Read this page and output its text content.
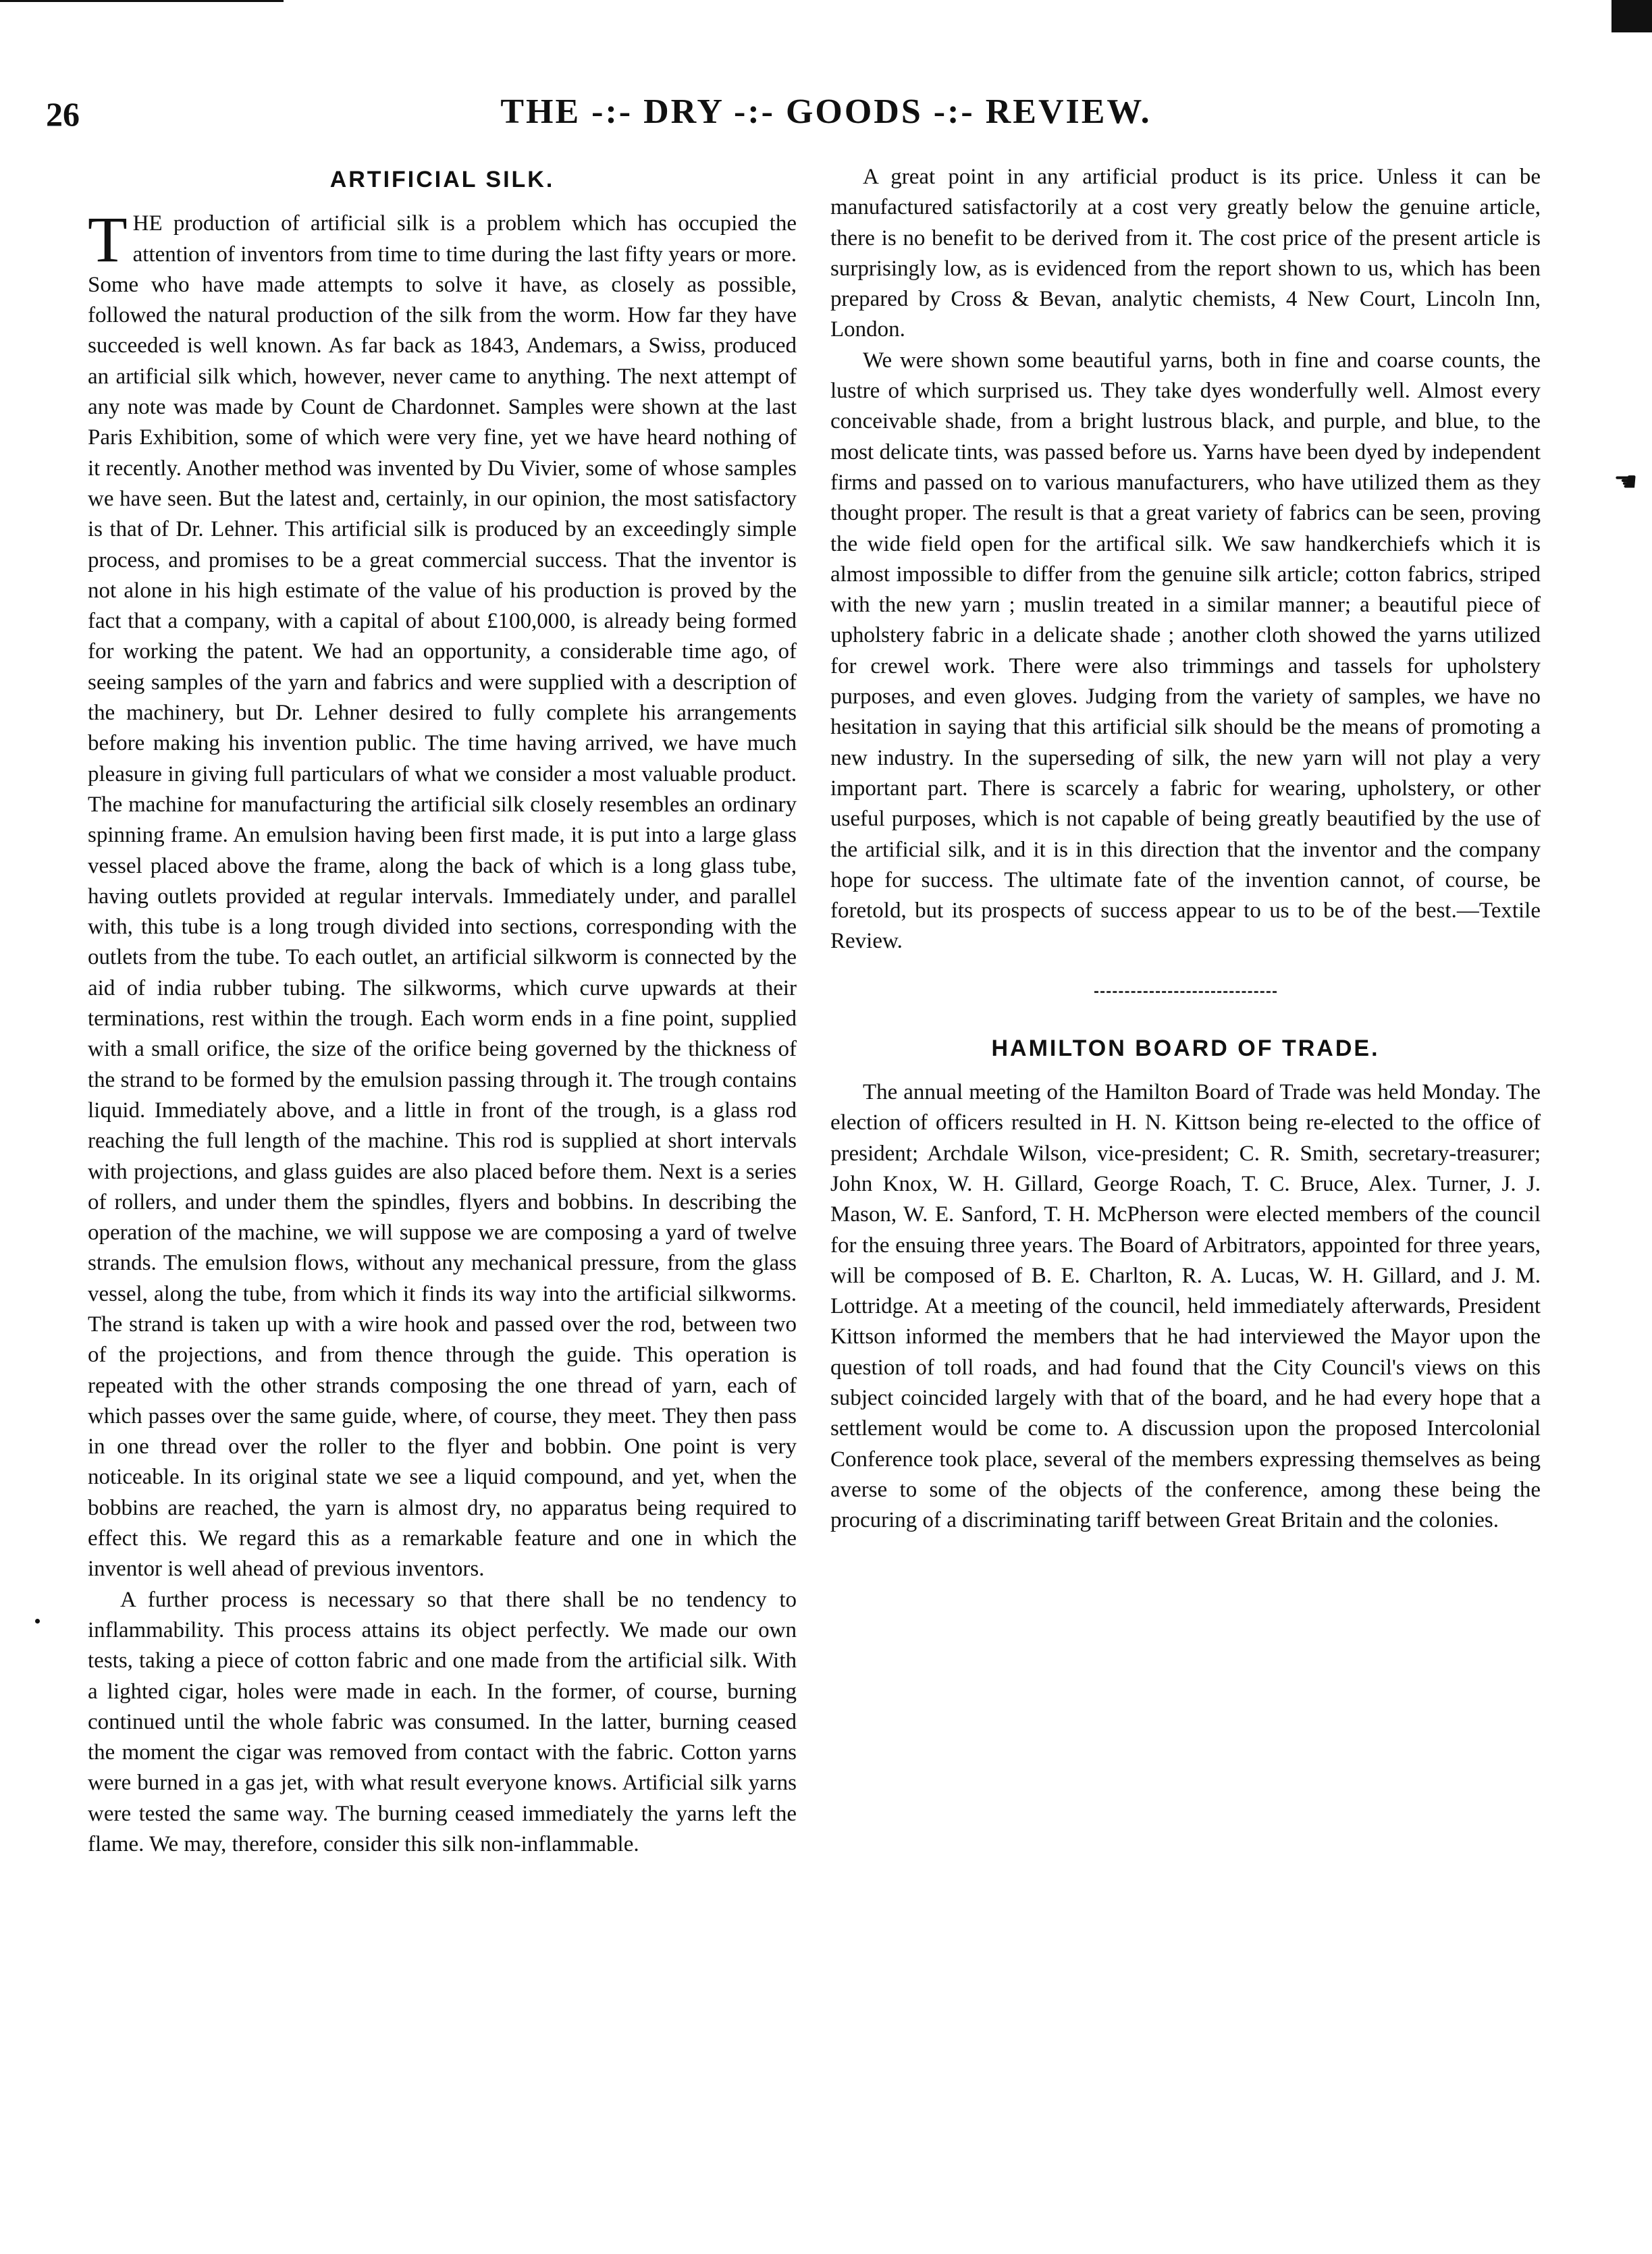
26	THE -:- DRY -:- GOODS -:- REVIEW.
ARTIFICIAL SILK.

THE production of artificial silk is a problem which has occupied the attention of inventors from time to time during the last fifty years or more. Some who have made attempts to solve it have, as closely as possible, followed the natural production of the silk from the worm. How far they have succeeded is well known. As far back as 1843, Andemars, a Swiss, produced an artificial silk which, however, never came to anything. The next attempt of any note was made by Count de Chardonnet. Samples were shown at the last Paris Exhibition, some of which were very fine, yet we have heard nothing of it recently. Another method was invented by Du Vivier, some of whose samples we have seen. But the latest and, certainly, in our opinion, the most satisfactory is that of Dr. Lehner. This artificial silk is produced by an exceedingly simple process, and promises to be a great commercial success. That the inventor is not alone in his high estimate of the value of his production is proved by the fact that a company, with a capital of about £100,000, is already being formed for working the patent. We had an opportunity, a considerable time ago, of seeing samples of the yarn and fabrics and were supplied with a description of the machinery, but Dr. Lehner desired to fully complete his arrangements before making his invention public. The time having arrived, we have much pleasure in giving full particulars of what we consider a most valuable product. The machine for manufacturing the artificial silk closely resembles an ordinary spinning frame. An emulsion having been first made, it is put into a large glass vessel placed above the frame, along the back of which is a long glass tube, having outlets provided at regular intervals. Immediately under, and parallel with, this tube is a long trough divided into sections, corresponding with the outlets from the tube. To each outlet, an artificial silkworm is connected by the aid of india rubber tubing. The silkworms, which curve upwards at their terminations, rest within the trough. Each worm ends in a fine point, supplied with a small orifice, the size of the orifice being governed by the thickness of the strand to be formed by the emulsion passing through it. The trough contains liquid. Immediately above, and a little in front of the trough, is a glass rod reaching the full length of the machine. This rod is supplied at short intervals with projections, and glass guides are also placed before them. Next is a series of rollers, and under them the spindles, flyers and bobbins. In describing the operation of the machine, we will suppose we are composing a yard of twelve strands. The emulsion flows, without any mechanical pressure, from the glass vessel, along the tube, from which it finds its way into the artificial silkworms. The strand is taken up with a wire hook and passed over the rod, between two of the projections, and from thence through the guide. This operation is repeated with the other strands composing the one thread of yarn, each of which passes over the same guide, where, of course, they meet. They then pass in one thread over the roller to the flyer and bobbin. One point is very noticeable. In its original state we see a liquid compound, and yet, when the bobbins are reached, the yarn is almost dry, no apparatus being required to effect this. We regard this as a remarkable feature and one in which the inventor is well ahead of previous inventors.

A further process is necessary so that there shall be no tendency to inflammability. This process attains its object perfectly. We made our own tests, taking a piece of cotton fabric and one made from the artificial silk. With a lighted cigar, holes were made in each. In the former, of course, burning continued until the whole fabric was consumed. In the latter, burning ceased the moment the cigar was removed from contact with the fabric. Cotton yarns were burned in a gas jet, with what result everyone knows. Artificial silk yarns were tested the same way. The burning ceased immediately the yarns left the flame. We may, therefore, consider this silk non-inflammable.

A great point in any artificial product is its price. Unless it can be manufactured satisfactorily at a cost very greatly below the genuine article, there is no benefit to be derived from it. The cost price of the present article is surprisingly low, as is evidenced from the report shown to us, which has been prepared by Cross & Bevan, analytic chemists, 4 New Court, Lincoln Inn, London.

We were shown some beautiful yarns, both in fine and coarse counts, the lustre of which surprised us. They take dyes wonderfully well. Almost every conceivable shade, from a bright lustrous black, and purple, and blue, to the most delicate tints, was passed before us. Yarns have been dyed by independent firms and passed on to various manufacturers, who have utilized them as they thought proper. The result is that a great variety of fabrics can be seen, proving the wide field open for the artifical silk. We saw handkerchiefs which it is almost impossible to differ from the genuine silk article; cotton fabrics, striped with the new yarn ; muslin treated in a similar manner; a beautiful piece of upholstery fabric in a delicate shade ; another cloth showed the yarns utilized for crewel work. There were also trimmings and tassels for upholstery purposes, and even gloves. Judging from the variety of samples, we have no hesitation in saying that this artificial silk should be the means of promoting a new industry. In the superseding of silk, the new yarn will not play a very important part. There is scarcely a fabric for wearing, upholstery, or other useful purposes, which is not capable of being greatly beautified by the use of the artificial silk, and it is in this direction that the inventor and the company hope for success. The ultimate fate of the invention cannot, of course, be foretold, but its prospects of success appear to us to be of the best.—Textile Review.

HAMILTON BOARD OF TRADE.

The annual meeting of the Hamilton Board of Trade was held Monday. The election of officers resulted in H. N. Kittson being re-elected to the office of president; Archdale Wilson, vice-president; C. R. Smith, secretary-treasurer; John Knox, W. H. Gillard, George Roach, T. C. Bruce, Alex. Turner, J. J. Mason, W. E. Sanford, T. H. McPherson were elected members of the council for the ensuing three years. The Board of Arbitrators, appointed for three years, will be composed of B. E. Charlton, R. A. Lucas, W. H. Gillard, and J. M. Lottridge. At a meeting of the council, held immediately afterwards, President Kittson informed the members that he had interviewed the Mayor upon the question of toll roads, and had found that the City Council's views on this subject coincided largely with that of the board, and he had every hope that a settlement would be come to. A discussion upon the proposed Intercolonial Conference took place, several of the members expressing themselves as being averse to some of the objects of the conference, among these being the procuring of a discriminating tariff between Great Britain and the colonies.

☚
